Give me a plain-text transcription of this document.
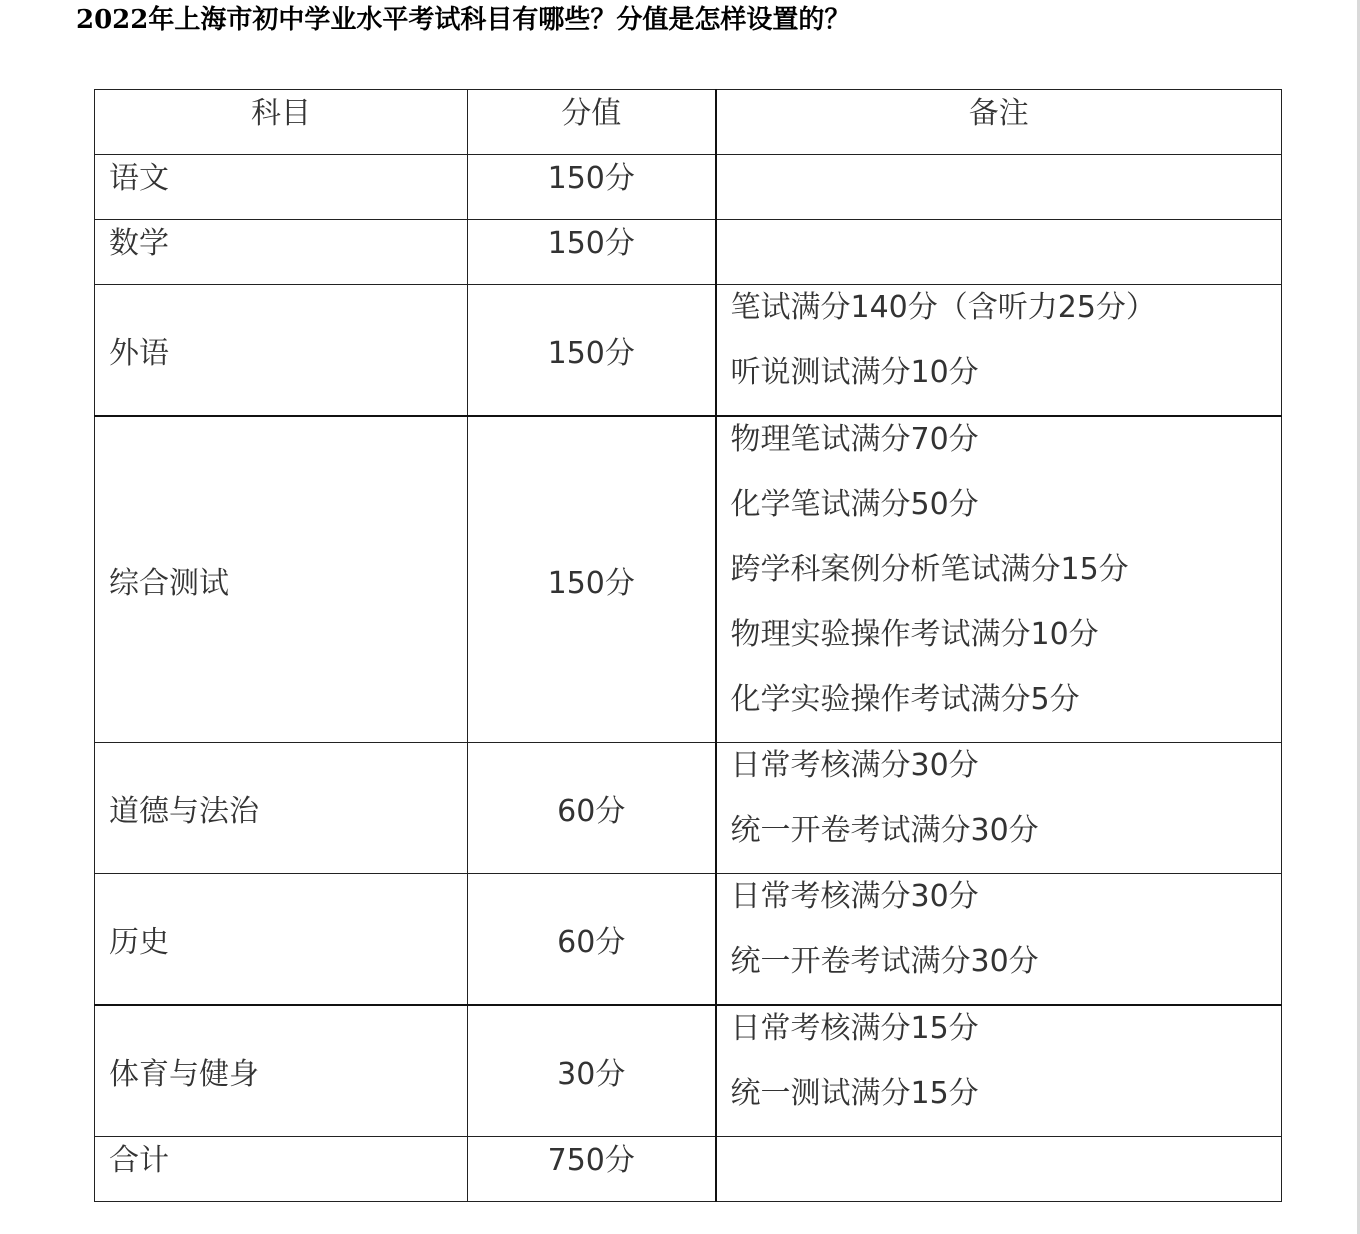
2022年上海市初中学业水平考试科目有哪些？分值是怎样设置的？
科目	分值	备注
语文	150分	
数学	150分	
外语	150分	笔试满分140分（含听力25分）
听说测试满分10分

综合测试	150分	物理笔试满分70分
化学笔试满分50分
跨学科案例分析笔试满分15分
物理实验操作考试满分10分
化学实验操作考试满分5分

道德与法治	60分	日常考核满分30分
统一开卷考试满分30分

历史	60分	日常考核满分30分
统一开卷考试满分30分

体育与健身	30分	日常考核满分15分
统一测试满分15分

合计	750分	
